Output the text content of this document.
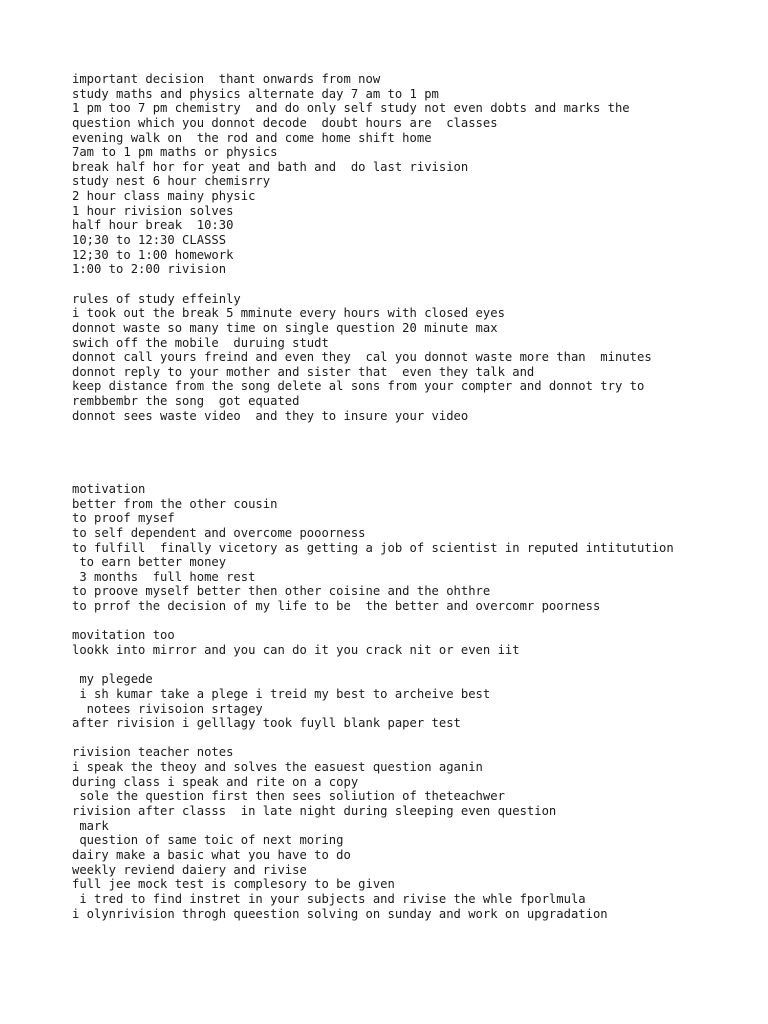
important decision  thant onwards from now
study maths and physics alternate day 7 am to 1 pm
1 pm too 7 pm chemistry  and do only self study not even dobts and marks the
question which you donnot decode  doubt hours are  classes
evening walk on  the rod and come home shift home
7am to 1 pm maths or physics
break half hor for yeat and bath and  do last rivision
study nest 6 hour chemisrry
2 hour class mainy physic
1 hour rivision solves
half hour break  10:30
10;30 to 12:30 CLASSS
12;30 to 1:00 homework
1:00 to 2:00 rivision
rules of study effeinly
i took out the break 5 mminute every hours with closed eyes
donnot waste so many time on single question 20 minute max
swich off the mobile  duruing studt
donnot call yours freind and even they  cal you donnot waste more than  minutes
donnot reply to your mother and sister that  even they talk and
keep distance from the song delete al sons from your compter and donnot try to
rembbembr the song  got equated
donnot sees waste video  and they to insure your video
motivation
better from the other cousin
to proof mysef
to self dependent and overcome pooorness
to fulfill  finally vicetory as getting a job of scientist in reputed intitutution
to earn better money
3 months  full home rest
to proove myself better then other coisine and the ohthre
to prrof the decision of my life to be  the better and overcomr poorness
movitation too
lookk into mirror and you can do it you crack nit or even iit
my plegede
i sh kumar take a plege i treid my best to archeive best
notees rivisoion srtagey
after rivision i gelllagy took fuyll blank paper test
rivision teacher notes
i speak the theoy and solves the easuest question aganin
during class i speak and rite on a copy
sole the question first then sees soliution of theteachwer
rivision after classs  in late night during sleeping even question
mark
question of same toic of next moring
dairy make a basic what you have to do
weekly reviend daiery and rivise
full jee mock test is complesory to be given
i tred to find instret in your subjects and rivise the whle fporlmula
i olynrivision throgh queestion solving on sunday and work on upgradation
